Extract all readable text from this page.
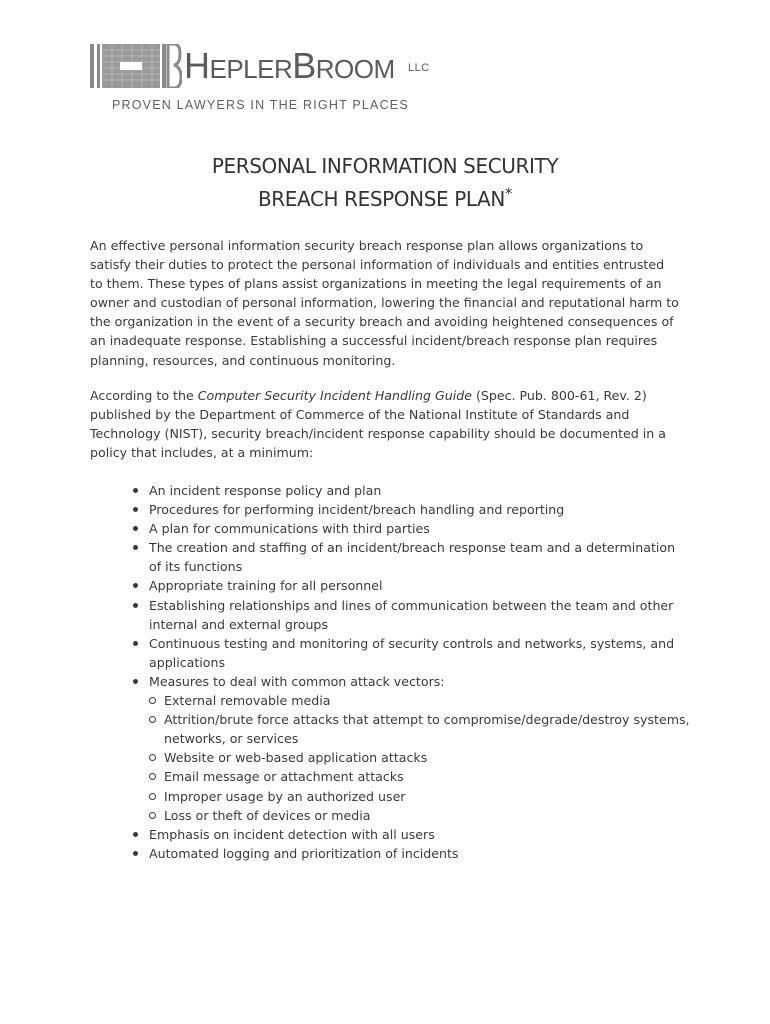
HEPLERBROOM LLC
PROVEN LAWYERS IN THE RIGHT PLACES
PERSONAL INFORMATION SECURITY
BREACH RESPONSE PLAN*
An effective personal information security breach response plan allows organizations to satisfy their duties to protect the personal information of individuals and entities entrusted to them. These types of plans assist organizations in meeting the legal requirements of an owner and custodian of personal information, lowering the financial and reputational harm to the organization in the event of a security breach and avoiding heightened consequences of an inadequate response. Establishing a successful incident/breach response plan requires planning, resources, and continuous monitoring.
According to the Computer Security Incident Handling Guide (Spec. Pub. 800-61, Rev. 2) published by the Department of Commerce of the National Institute of Standards and Technology (NIST), security breach/incident response capability should be documented in a policy that includes, at a minimum:
An incident response policy and plan
Procedures for performing incident/breach handling and reporting
A plan for communications with third parties
The creation and staffing of an incident/breach response team and a determination of its functions
Appropriate training for all personnel
Establishing relationships and lines of communication between the team and other internal and external groups
Continuous testing and monitoring of security controls and networks, systems, and applications
Measures to deal with common attack vectors:
External removable media
Attrition/brute force attacks that attempt to compromise/degrade/destroy systems, networks, or services
Website or web-based application attacks
Email message or attachment attacks
Improper usage by an authorized user
Loss or theft of devices or media
Emphasis on incident detection with all users
Automated logging and prioritization of incidents
